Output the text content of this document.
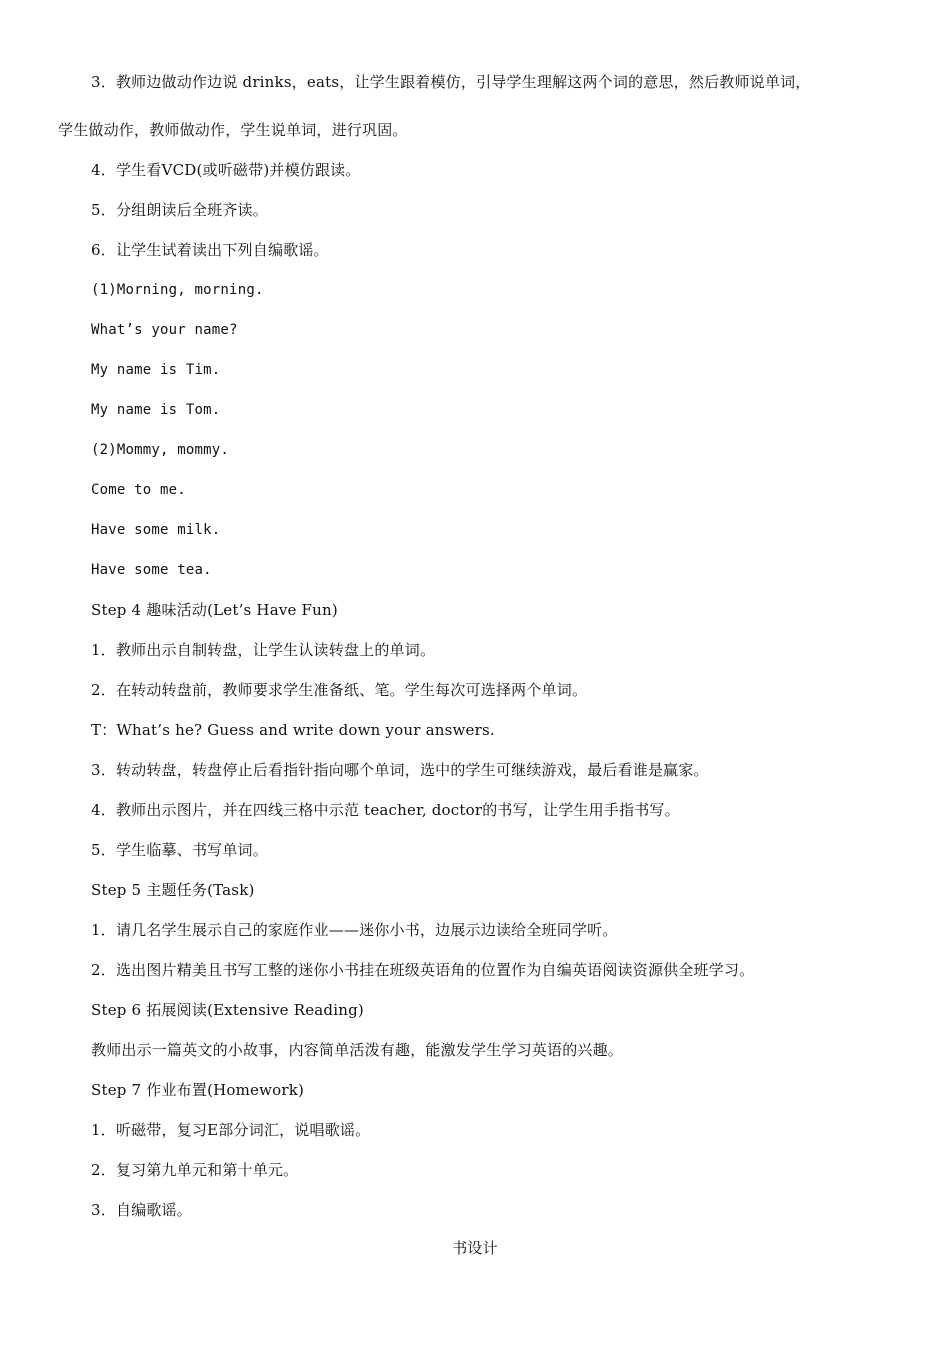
3．教师边做动作边说 drinks，eats，让学生跟着模仿，引导学生理解这两个词的意思，然后教师说单词，
学生做动作，教师做动作，学生说单词，进行巩固。
4．学生看VCD(或听磁带)并模仿跟读。
5．分组朗读后全班齐读。
6．让学生试着读出下列自编歌谣。
(1)Morning, morning.
What’s your name?
My name is Tim.
My name is Tom.
(2)Mommy, mommy.
Come to me.
Have some milk.
Have some tea.
Step 4 趣味活动(Let’s Have Fun)
1．教师出示自制转盘，让学生认读转盘上的单词。
2．在转动转盘前，教师要求学生准备纸、笔。学生每次可选择两个单词。
T：What’s he? Guess and write down your answers.
3．转动转盘，转盘停止后看指针指向哪个单词，选中的学生可继续游戏，最后看谁是赢家。
4．教师出示图片，并在四线三格中示范 teacher, doctor的书写，让学生用手指书写。
5．学生临摹、书写单词。
Step 5 主题任务(Task)
1．请几名学生展示自己的家庭作业——迷你小书，边展示边读给全班同学听。
2．选出图片精美且书写工整的迷你小书挂在班级英语角的位置作为自编英语阅读资源供全班学习。
Step 6 拓展阅读(Extensive Reading)
教师出示一篇英文的小故事，内容简单活泼有趣，能激发学生学习英语的兴趣。
Step 7 作业布置(Homework)
1．听磁带，复习E部分词汇，说唱歌谣。
2．复习第九单元和第十单元。
3．自编歌谣。
书设计
